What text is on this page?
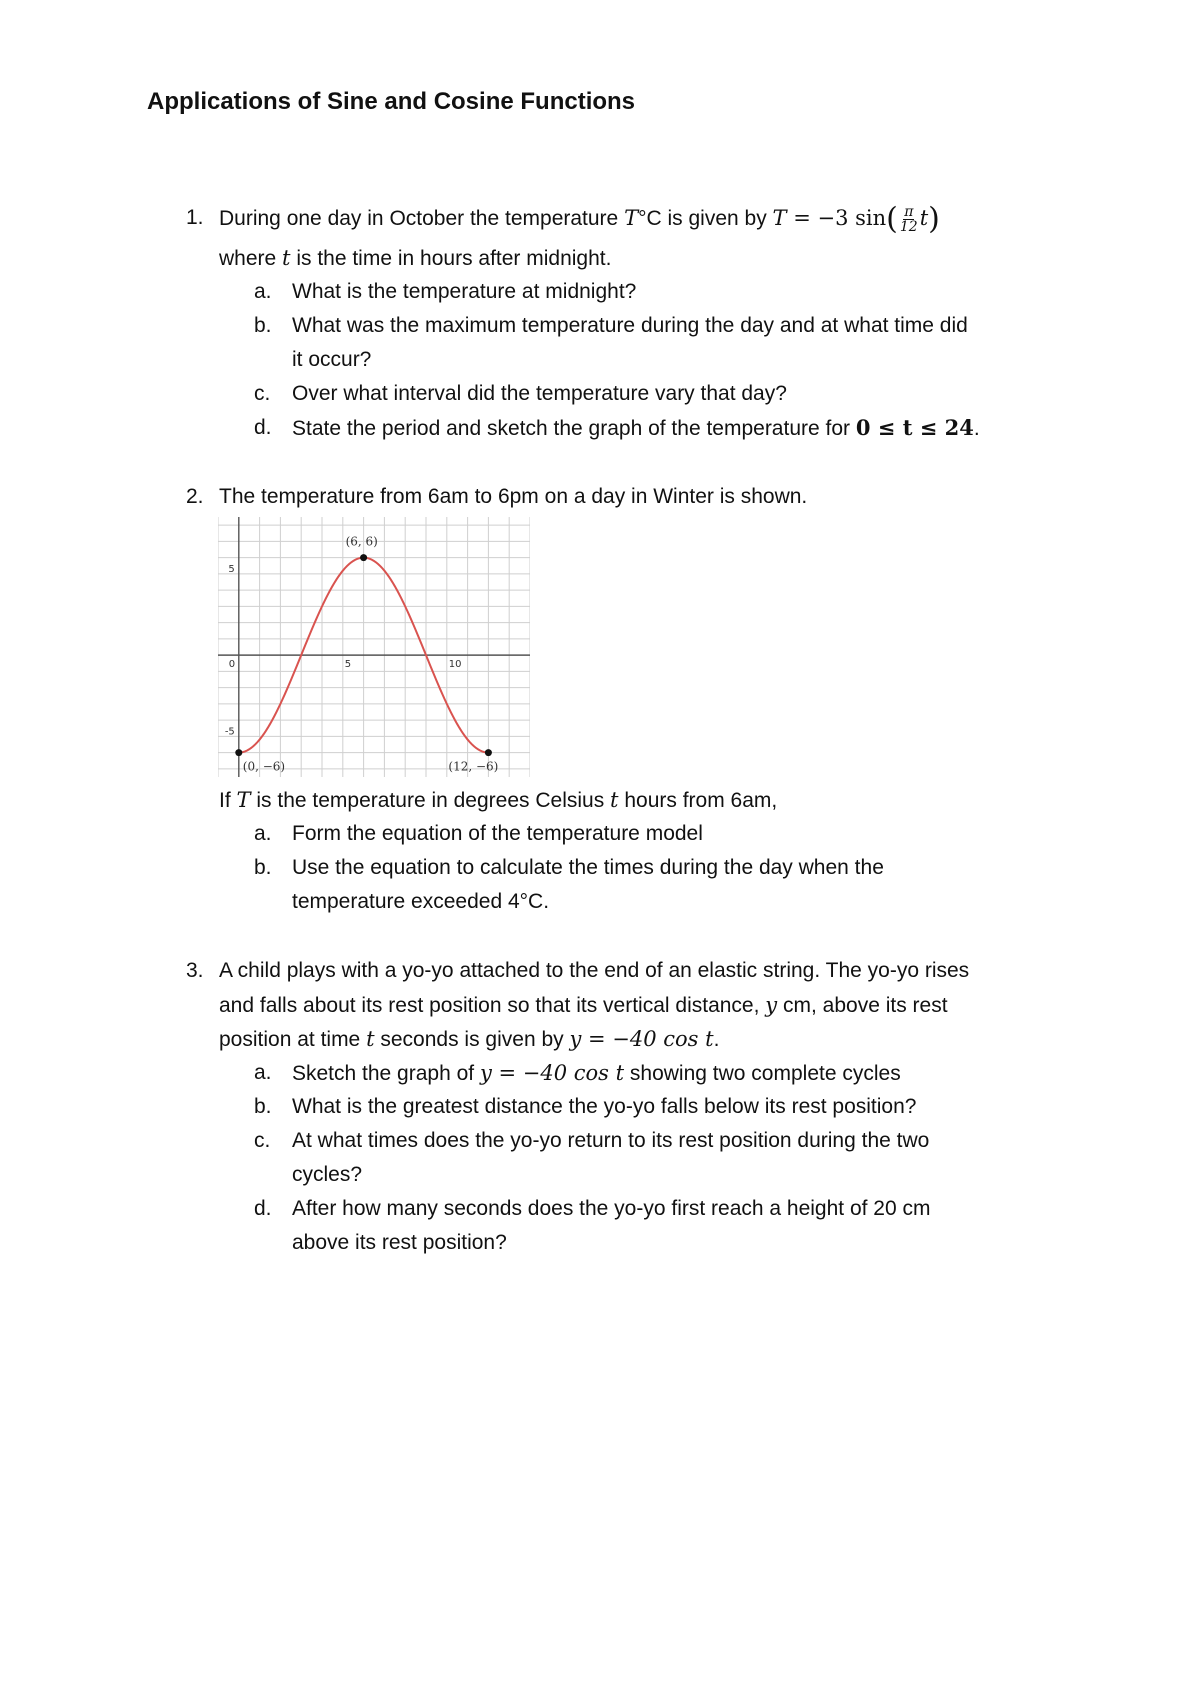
Applications of Sine and Cosine Functions
1. During one day in October the temperature T°C is given by T = −3 $\sin( \frac{\pi}{12} t)$
where t is the time in hours after midnight.
a. What is the temperature at midnight?
b. What was the maximum temperature during the day and at what time did
it occur?
c. Over what interval did the temperature vary that day?
d. State the period and sketch the graph of the temperature for 0 ≤ t ≤ 24.
2. The temperature from 6am to 6pm on a day in Winter is shown.
0	5	10
5
-5
(0, −6)
(6, 6)
(12, −6)
If T is the temperature in degrees Celsius t hours from 6am,
a. Form the equation of the temperature model
b. Use the equation to calculate the times during the day when the
temperature exceeded 4°C.
3. A child plays with a yo-yo attached to the end of an elastic string. The yo-yo rises
and falls about its rest position so that its vertical distance, y cm, above its rest
position at time t seconds is given by y = −40 cos t.
a. Sketch the graph of y = −40 cos t showing two complete cycles
b. What is the greatest distance the yo-yo falls below its rest position?
c. At what times does the yo-yo return to its rest position during the two
cycles?
d. After how many seconds does the yo-yo first reach a height of 20 cm
above its rest position?
